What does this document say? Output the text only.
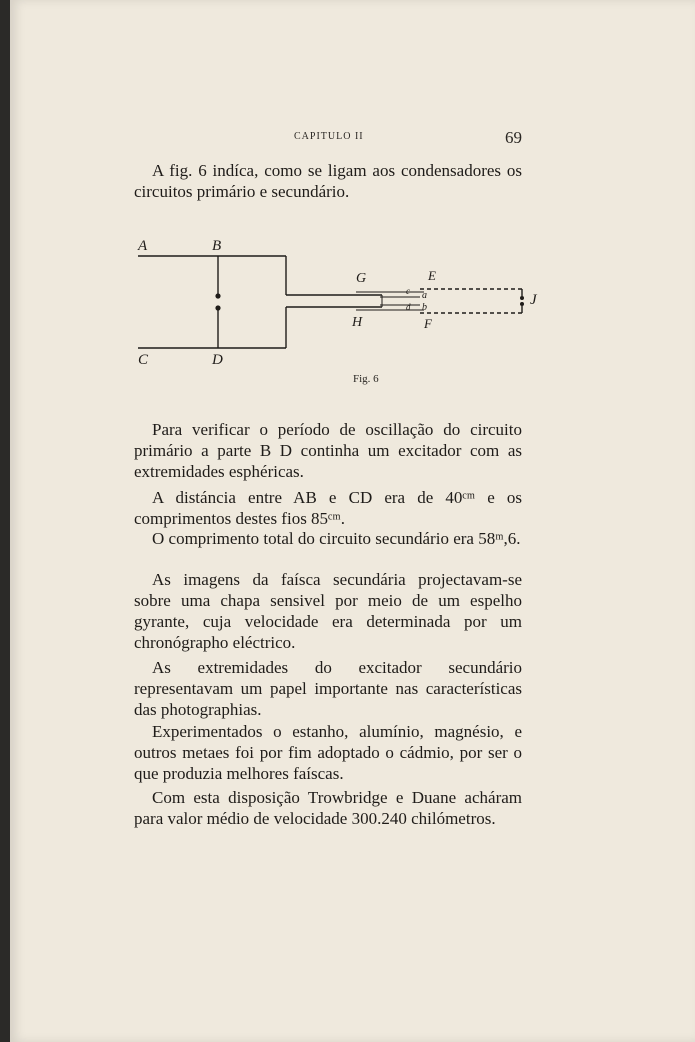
CAPITULO II	69

A fig. 6 indíca, como se ligam aos condensadores os circuitos primário e secundário.

A	B
C	D
G	E
H	F
J
c a
b
d
Fig. 6

Para verificar o período de oscillação do circuito primário a parte B D continha um excitador com as extremidades esphéricas.

A distáncia entre AB e CD era de 40ᶜᵐ e os comprimentos destes fios 85ᶜᵐ.

O comprimento total do circuito secundário era 58ᵐ,6.

As imagens da faísca secundária projectavam-se sobre uma chapa sensivel por meio de um espelho gyrante, cuja velocidade era determinada por um chronógrapho eléctrico.

As extremidades do excitador secundário representavam um papel importante nas características das photographias.

Experimentados o estanho, alumínio, magnésio, e outros metaes foi por fim adoptado o cádmio, por ser o que produzia melhores faíscas.

Com esta disposição Trowbridge e Duane acháram para valor médio de velocidade 300.240 chilómetros.
